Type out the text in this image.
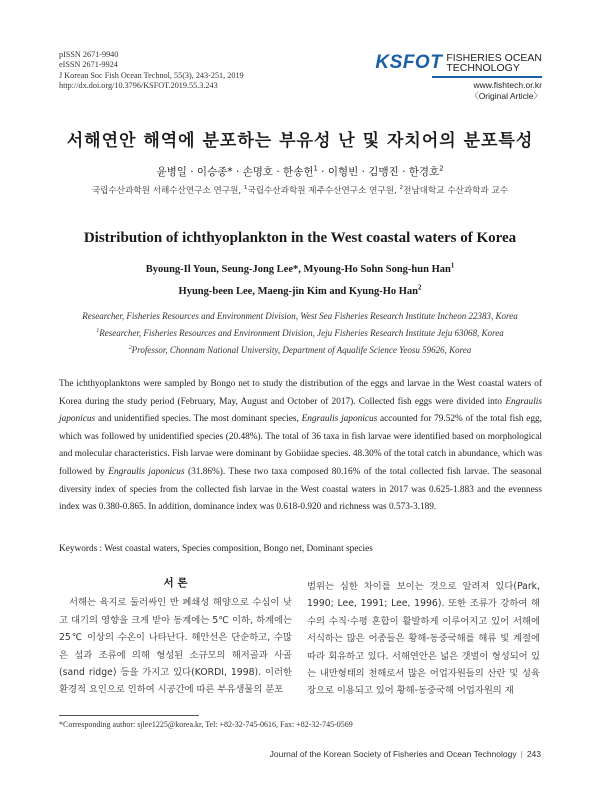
pISSN 2671-9940
eISSN 2671-9924
J Korean Soc Fish Ocean Technol, 55(3), 243-251, 2019
http://dx.doi.org/10.3796/KSFOT.2019.55.3.243
KSFOT FISHERIES OCEAN
TECHNOLOGY
www.fishtech.or.kr
〈Original Article〉
서해연안 해역에 분포하는 부유성 난 및 자치어의 분포특성
윤병일 · 이승종* · 손명호 · 한송헌$^1$ · 이형빈 · 김맹진 · 한경호$^2$
국립수산과학원 서해수산연구소 연구원, $^1$국립수산과학원 제주수산연구소 연구원, $^2$전남대학교 수산과학과 교수
Distribution of ichthyoplankton in the West coastal waters of Korea
Byoung-Il Youn, Seung-Jong Lee*, Myoung-Ho Sohn Song-hun Han$^1$
Hyung-been Lee, Maeng-jin Kim and Kyung-Ho Han$^2$
Researcher, Fisheries Resources and Environment Division, West Sea Fisheries Research Institute Incheon 22383, Korea
$^1$Researcher, Fisheries Resources and Environment Division, Jeju Fisheries Research Institute Jeju 63068, Korea
$^2$Professor, Chonnam National University, Department of Aqualife Science Yeosu 59626, Korea
The ichthyoplanktons were sampled by Bongo net to study the distribution of the eggs and larvae in the West coastal waters of Korea during the study period (February, May, August and October of 2017). Collected fish eggs were divided into Engraulis japonicus and unidentified species. The most dominant species, Engraulis japonicus accounted for 79.52% of the total fish egg, which was followed by unidentified species (20.48%). The total of 36 taxa in fish larvae were identified based on morphological and molecular characteristics. Fish larvae were dominant by Gobiidae species. 48.30% of the total catch in abundance, which was followed by Engraulis japonicus (31.86%). These two taxa composed 80.16% of the total collected fish larvae. The seasonal diversity index of species from the collected fish larvae in the West coastal waters in 2017 was 0.625-1.883 and the evenness index was 0.380-0.865. In addition, dominance index was 0.618-0.920 and richness was 0.573-3.189.
Keywords : West coastal waters, Species composition, Bongo net, Dominant species
서 론

서해는 육지로 둘러싸인 반 폐쇄성 해양으로 수심이 낮고 대기의 영향을 크게 받아 동계에는 5℃ 이하, 하계에는 25℃ 이상의 수온이 나타난다. 해안선은 단순하고, 수많은 섬과 조류에 의해 형성된 소규모의 해저골과 사골(sand ridge) 등을 가지고 있다(KORDI, 1998). 이러한 환경적 요인으로 인하여 시공간에 따른 부유생물의 분포

범위는 심한 차이를 보이는 것으로 알려져 있다(Park, 1990; Lee, 1991; Lee, 1996). 또한 조류가 강하여 해수의 수직·수평 혼합이 활발하게 이루어지고 있어 서해에 서식하는 많은 어종들은 황해-동중국해를 해류 빛 계절에 따라 회유하고 있다. 서해연안은 넓은 갯벌이 형성되어 있는 내만형태의 천해로서 많은 어업자원들의 산란 및 성육장으로 이용되고 있어 황해-동중국해 어업자원의 재

*Corresponding author: sjlee1225@korea.kr, Tel: +82-32-745-0616, Fax: +82-32-745-0569
Journal of the Korean Society of Fisheries and Ocean Technology | 243
